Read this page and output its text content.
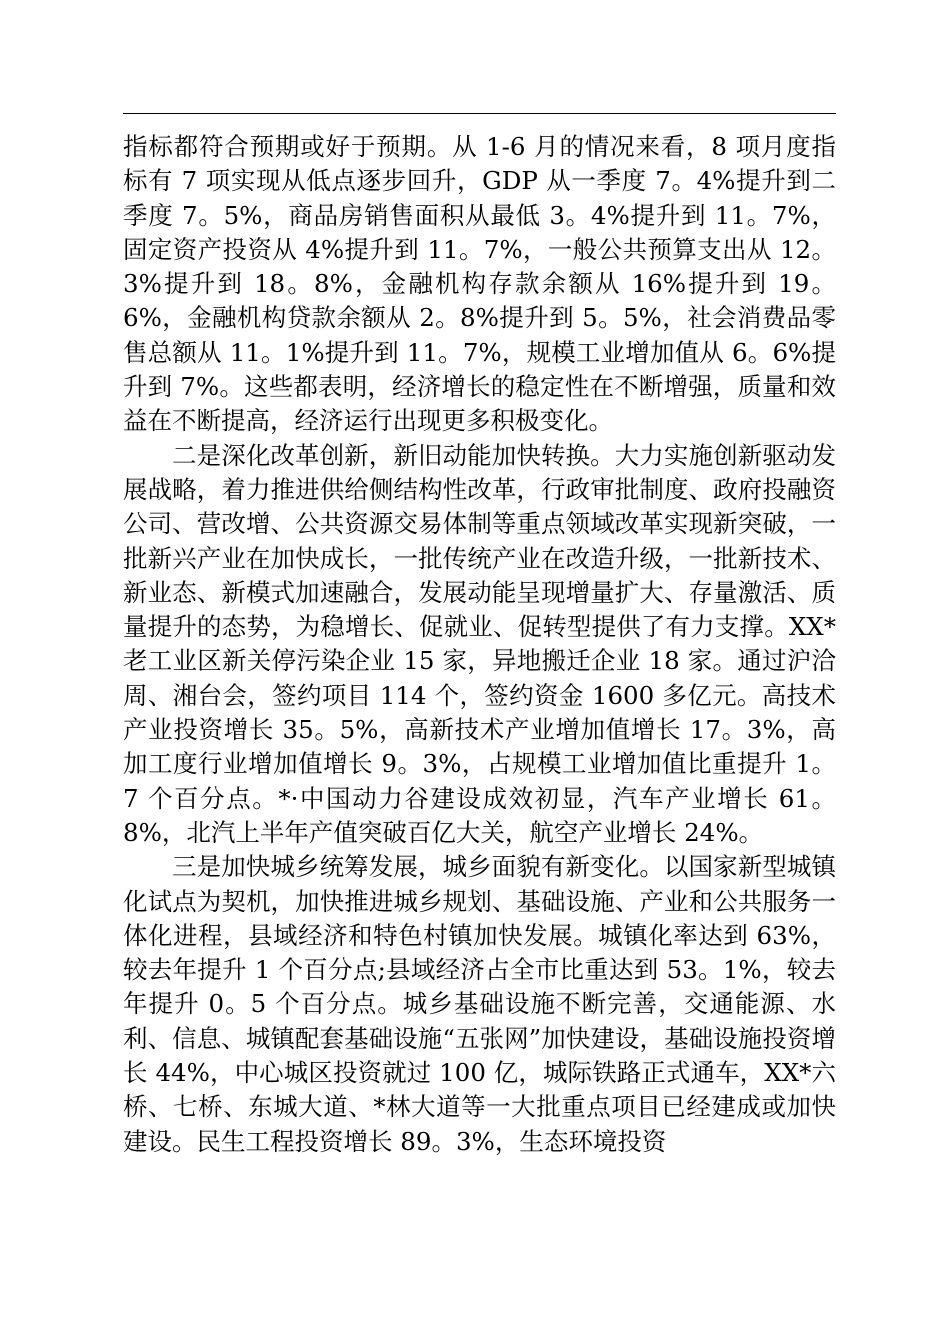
指标都符合预期或好于预期。从 1-6 月的情况来看，8 项月度指标有 7 项实现从低点逐步回升，GDP 从一季度 7。4%提升到二季度 7。5%，商品房销售面积从最低 3。4%提升到 11。7%，固定资产投资从 4%提升到 11。7%，一般公共预算支出从 12。3%提升到 18。8%，金融机构存款余额从 16%提升到 19。6%，金融机构贷款余额从 2。8%提升到 5。5%，社会消费品零售总额从 11。1%提升到 11。7%，规模工业增加值从 6。6%提升到 7%。这些都表明，经济增长的稳定性在不断增强，质量和效益在不断提高，经济运行出现更多积极变化。

二是深化改革创新，新旧动能加快转换。大力实施创新驱动发展战略，着力推进供给侧结构性改革，行政审批制度、政府投融资公司、营改增、公共资源交易体制等重点领域改革实现新突破，一批新兴产业在加快成长，一批传统产业在改造升级，一批新技术、新业态、新模式加速融合，发展动能呈现增量扩大、存量激活、质量提升的态势，为稳增长、促就业、促转型提供了有力支撑。XX*老工业区新关停污染企业 15 家，异地搬迁企业 18 家。通过沪洽周、湘台会，签约项目 114 个，签约资金 1600 多亿元。高技术产业投资增长 35。5%，高新技术产业增加值增长 17。3%，高加工度行业增加值增长 9。3%，占规模工业增加值比重提升 1。7 个百分点。*·中国动力谷建设成效初显，汽车产业增长 61。8%，北汽上半年产值突破百亿大关，航空产业增长 24%。

三是加快城乡统筹发展，城乡面貌有新变化。以国家新型城镇化试点为契机，加快推进城乡规划、基础设施、产业和公共服务一体化进程，县域经济和特色村镇加快发展。城镇化率达到 63%，较去年提升 1 个百分点;县域经济占全市比重达到 53。1%，较去年提升 0。5 个百分点。城乡基础设施不断完善，交通能源、水利、信息、城镇配套基础设施“五张网”加快建设，基础设施投资增长 44%，中心城区投资就过 100 亿，城际铁路正式通车，XX*六桥、七桥、东城大道、*林大道等一大批重点项目已经建成或加快建设。民生工程投资增长 89。3%，生态环境投资
